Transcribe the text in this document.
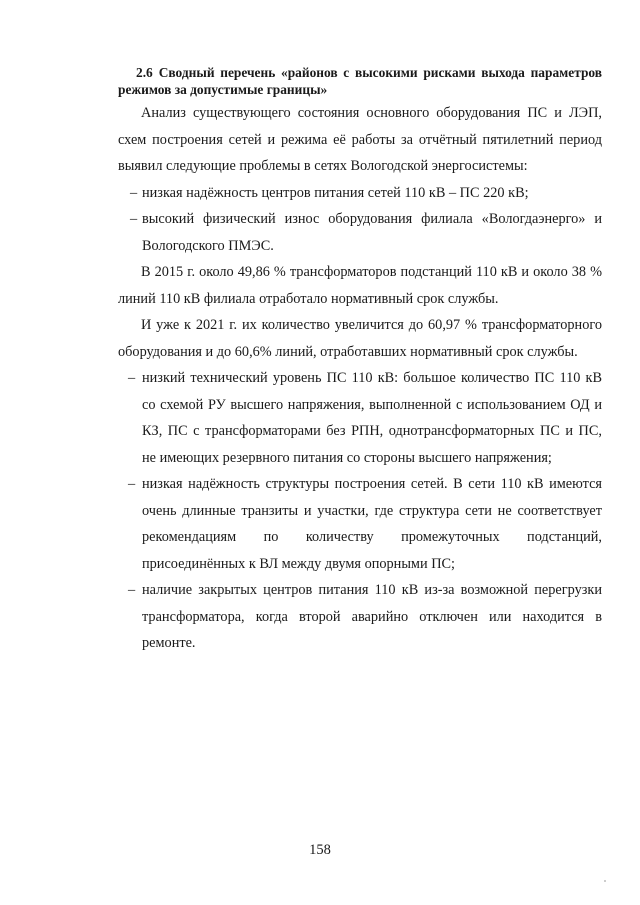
2.6 Сводный перечень «районов с высокими рисками выхода параметров режимов за допустимые границы»

Анализ существующего состояния основного оборудования ПС и ЛЭП, схем построения сетей и режима её работы за отчётный пятилетний период выявил следующие проблемы в сетях Вологодской энергосистемы:

– низкая надёжность центров питания сетей 110 кВ – ПС 220 кВ;

– высокий физический износ оборудования филиала «Вологдаэнерго» и Вологодского ПМЭС.

В 2015 г. около 49,86 % трансформаторов подстанций 110 кВ и около 38 % линий 110 кВ филиала отработало нормативный срок службы.

И уже к 2021 г. их количество увеличится до 60,97 % трансформаторного оборудования и до 60,6% линий, отработавших нормативный срок службы.

– низкий технический уровень ПС 110 кВ: большое количество ПС 110 кВ со схемой РУ высшего напряжения, выполненной с использованием ОД и КЗ, ПС с трансформаторами без РПН, однотрансформаторных ПС и ПС, не имеющих резервного питания со стороны высшего напряжения;

– низкая надёжность структуры построения сетей. В сети 110 кВ имеются очень длинные транзиты и участки, где структура сети не соответствует рекомендациям по количеству промежуточных подстанций, присоединённых к ВЛ между двумя опорными ПС;

– наличие закрытых центров питания 110 кВ из-за возможной перегрузки трансформатора, когда второй аварийно отключен или находится в ремонте.

158
